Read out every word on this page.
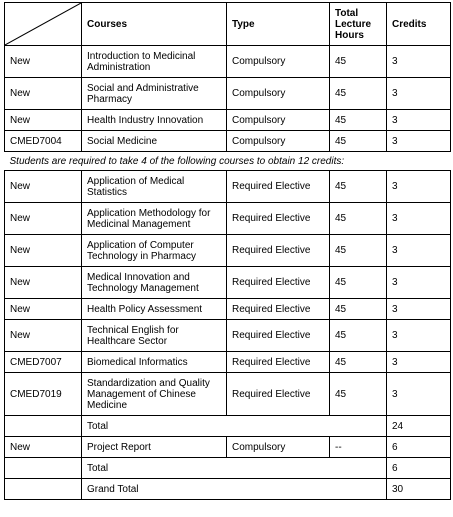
	Courses	Type	Total Lecture Hours	Credits
New	Introduction to Medicinal Administration	Compulsory	45	3
New	Social and Administrative Pharmacy	Compulsory	45	3
New	Health Industry Innovation	Compulsory	45	3
CMED7004	Social Medicine	Compulsory	45	3
Students are required to take 4 of the following courses to obtain 12 credits:				
New	Application of Medical Statistics	Required Elective	45	3
New	Application Methodology for Medicinal Management	Required Elective	45	3
New	Application of Computer Technology in Pharmacy	Required Elective	45	3
New	Medical Innovation and Technology Management	Required Elective	45	3
New	Health Policy Assessment	Required Elective	45	3
New	Technical English for Healthcare Sector	Required Elective	45	3
CMED7007	Biomedical Informatics	Required Elective	45	3
CMED7019	Standardization and Quality Management of Chinese Medicine	Required Elective	45	3
	Total			24
New	Project Report	Compulsory	--	6
	Total			6
	Grand Total			30
